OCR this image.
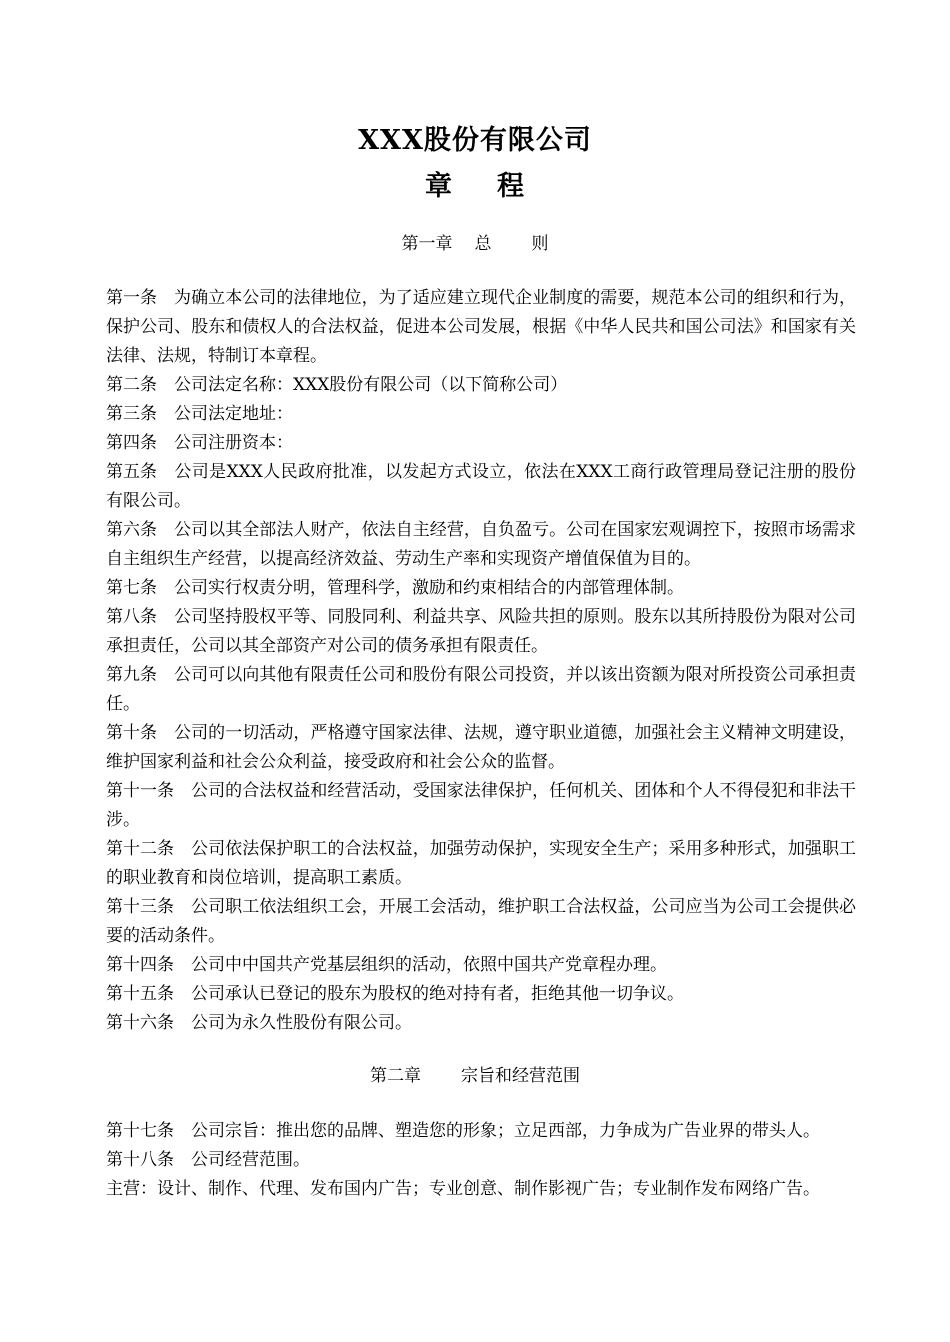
XXX股份有限公司
章 程
第一章 总 则

第一条 为确立本公司的法律地位，为了适应建立现代企业制度的需要，规范本公司的组织和行为，保护公司、股东和债权人的合法权益，促进本公司发展，根据《中华人民共和国公司法》和国家有关法律、法规，特制订本章程。

第二条 公司法定名称：XXX股份有限公司（以下简称公司）

第三条 公司法定地址：

第四条 公司注册资本：

第五条 公司是XXX人民政府批准，以发起方式设立，依法在XXX工商行政管理局登记注册的股份有限公司。

第六条 公司以其全部法人财产，依法自主经营，自负盈亏。公司在国家宏观调控下，按照市场需求自主组织生产经营，以提高经济效益、劳动生产率和实现资产增值保值为目的。

第七条 公司实行权责分明，管理科学，激励和约束相结合的内部管理体制。

第八条 公司坚持股权平等、同股同利、利益共享、风险共担的原则。股东以其所持股份为限对公司承担责任，公司以其全部资产对公司的债务承担有限责任。

第九条 公司可以向其他有限责任公司和股份有限公司投资，并以该出资额为限对所投资公司承担责任。

第十条 公司的一切活动，严格遵守国家法律、法规，遵守职业道德，加强社会主义精神文明建设，维护国家利益和社会公众利益，接受政府和社会公众的监督。

第十一条 公司的合法权益和经营活动，受国家法律保护，任何机关、团体和个人不得侵犯和非法干涉。

第十二条 公司依法保护职工的合法权益，加强劳动保护，实现安全生产；采用多种形式，加强职工的职业教育和岗位培训，提高职工素质。

第十三条 公司职工依法组织工会，开展工会活动，维护职工合法权益，公司应当为公司工会提供必要的活动条件。

第十四条 公司中中国共产党基层组织的活动，依照中国共产党章程办理。

第十五条 公司承认已登记的股东为股权的绝对持有者，拒绝其他一切争议。

第十六条 公司为永久性股份有限公司。

第二章 宗旨和经营范围

第十七条 公司宗旨：推出您的品牌、塑造您的形象；立足西部，力争成为广告业界的带头人。

第十八条 公司经营范围。

主营：设计、制作、代理、发布国内广告；专业创意、制作影视广告；专业制作发布网络广告。
